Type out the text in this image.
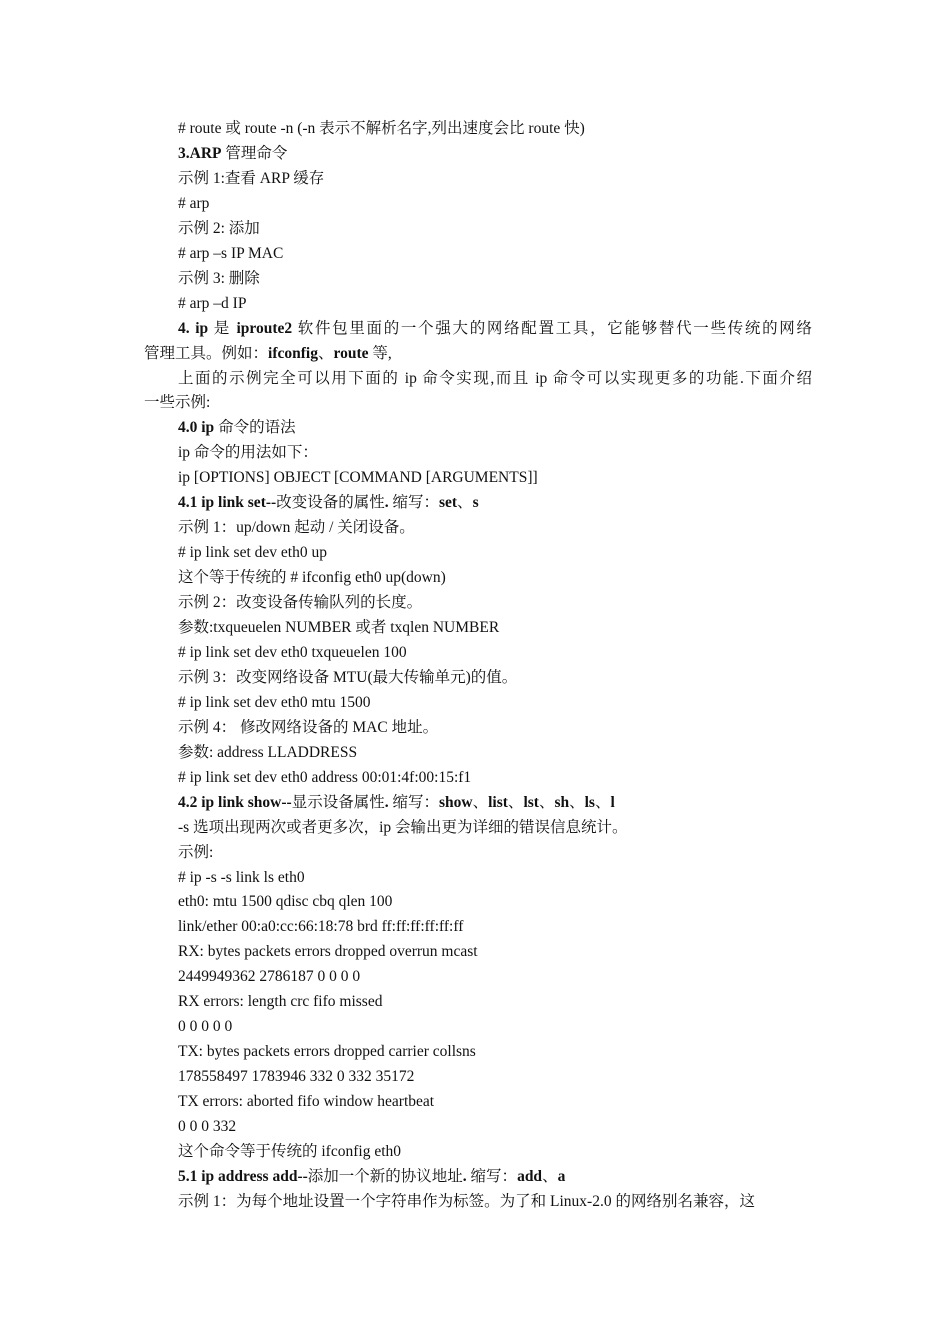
# route 或 route -n (-n 表示不解析名字,列出速度会比 route 快)
3.ARP 管理命令
示例 1:查看 ARP 缓存
# arp
示例 2: 添加
# arp –s IP MAC
示例 3: 删除
# arp –d IP
4. ip 是 iproute2 软件包里面的一个强大的网络配置工具，它能够替代一些传统的网络
管理工具。例如：ifconfig、route 等,
上面的示例完全可以用下面的 ip 命令实现,而且 ip 命令可以实现更多的功能.下面介绍
一些示例:
4.0 ip 命令的语法
ip 命令的用法如下：
ip [OPTIONS] OBJECT [COMMAND [ARGUMENTS]]
4.1 ip link set--改变设备的属性. 缩写：set、s
示例 1：up/down 起动 / 关闭设备。
# ip link set dev eth0 up
这个等于传统的 # ifconfig eth0 up(down)
示例 2：改变设备传输队列的长度。
参数:txqueuelen NUMBER 或者 txqlen NUMBER
# ip link set dev eth0 txqueuelen 100
示例 3：改变网络设备 MTU(最大传输单元)的值。
# ip link set dev eth0 mtu 1500
示例 4： 修改网络设备的 MAC 地址。
参数: address LLADDRESS
# ip link set dev eth0 address 00:01:4f:00:15:f1
4.2 ip link show--显示设备属性. 缩写：show、list、lst、sh、ls、l
-s 选项出现两次或者更多次，ip 会输出更为详细的错误信息统计。
示例:
# ip -s -s link ls eth0
eth0: mtu 1500 qdisc cbq qlen 100
link/ether 00:a0:cc:66:18:78 brd ff:ff:ff:ff:ff:ff
RX: bytes packets errors dropped overrun mcast
2449949362 2786187 0 0 0 0
RX errors: length crc fifo missed
0 0 0 0 0
TX: bytes packets errors dropped carrier collsns
178558497 1783946 332 0 332 35172
TX errors: aborted fifo window heartbeat
0 0 0 332
这个命令等于传统的 ifconfig eth0
5.1 ip address add--添加一个新的协议地址. 缩写：add、a
示例 1：为每个地址设置一个字符串作为标签。为了和 Linux-2.0 的网络别名兼容，这
